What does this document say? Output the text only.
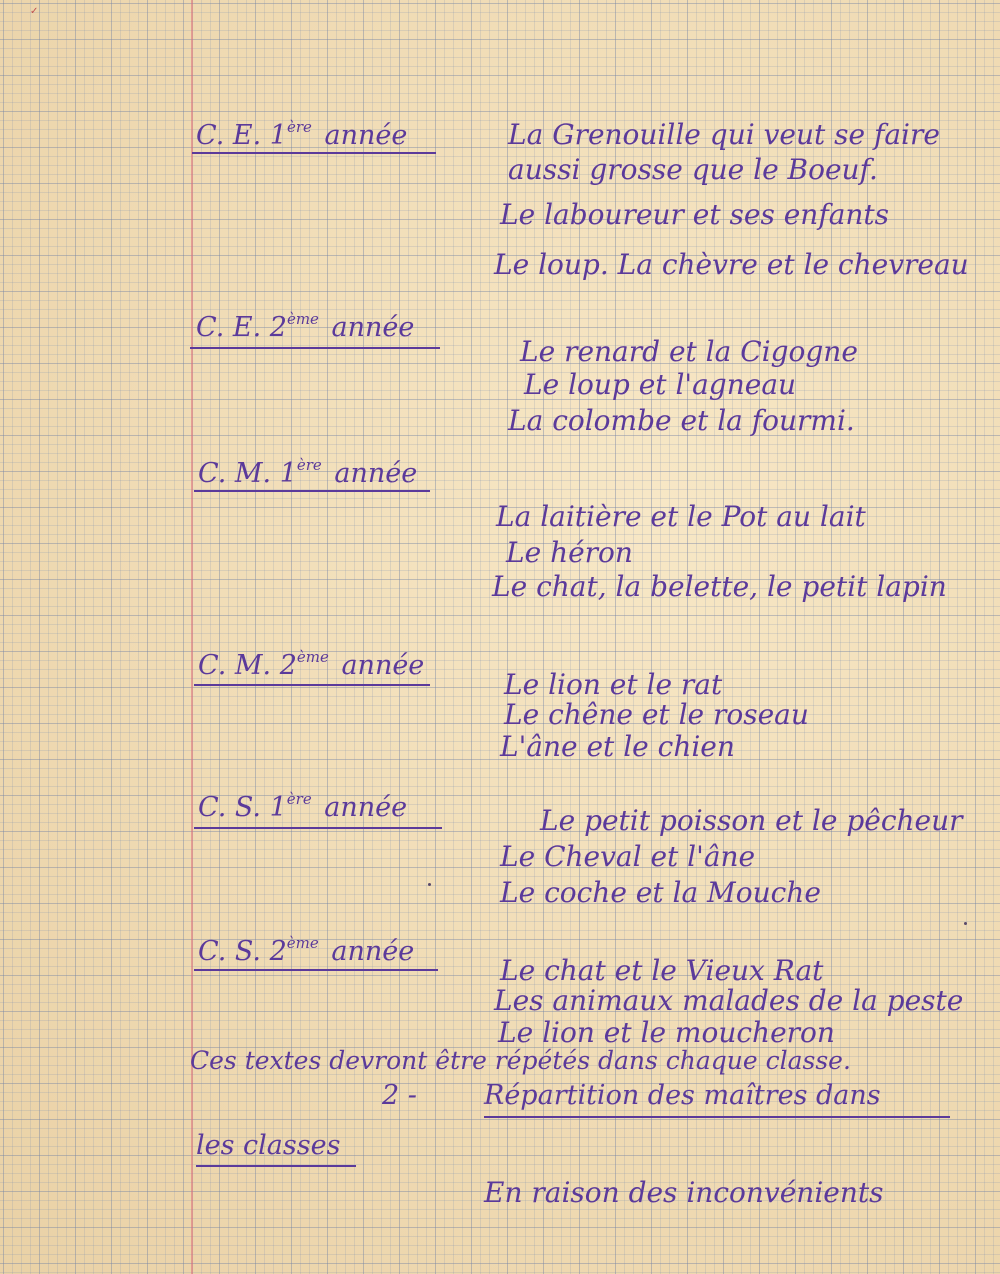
✓
C. E. 1ère année	La Grenouille qui veut se faire
aussi grosse que le Boeuf.
Le laboureur et ses enfants
Le loup. La chèvre et le chevreau
C. E. 2ème année
Le renard et la Cigogne
Le loup et l'agneau
La colombe et la fourmi.
C. M. 1ère année
La laitière et le Pot au lait
Le héron
Le chat, la belette, le petit lapin
C. M. 2ème année
Le lion et le rat
Le chêne et le roseau
L'âne et le chien
C. S. 1ère année	Le petit poisson et le pêcheur
Le Cheval et l'âne
Le coche et la Mouche
C. S. 2ème année
Le chat et le Vieux Rat
Les animaux malades de la peste
Le lion et le moucheron
Ces textes devront être répétés dans chaque classe.
2 - Répartition des maîtres dans
les classes
En raison des inconvénients
